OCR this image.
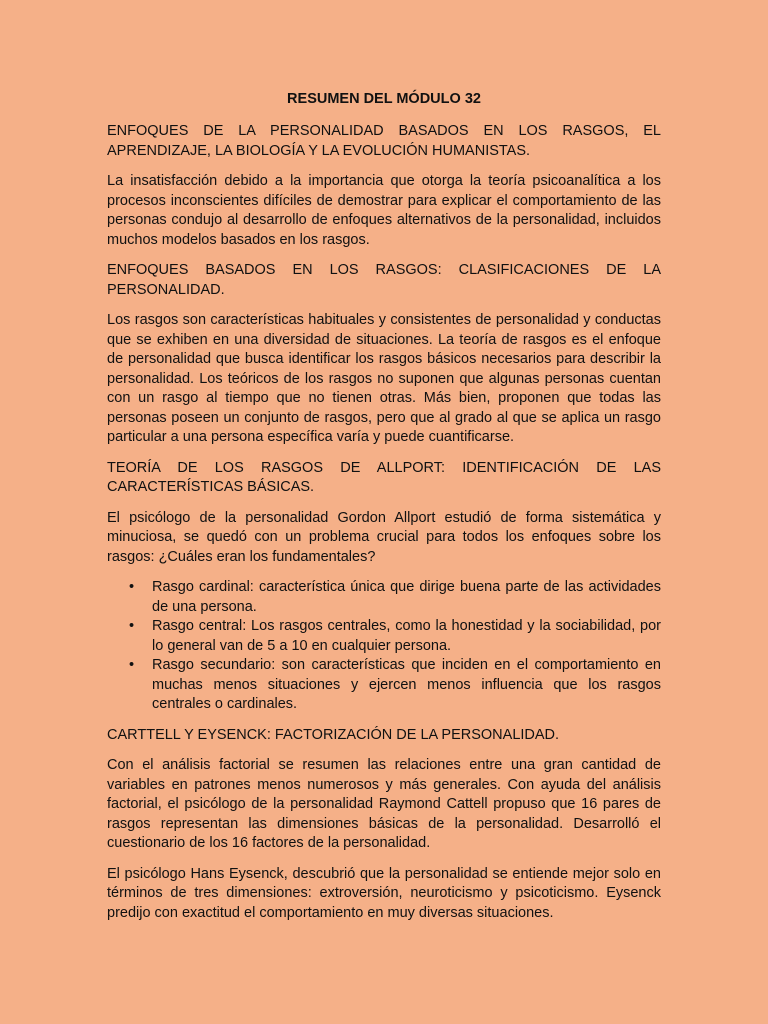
RESUMEN DEL MÓDULO 32
ENFOQUES DE LA PERSONALIDAD BASADOS EN LOS RASGOS, EL APRENDIZAJE, LA BIOLOGÍA Y LA EVOLUCIÓN HUMANISTAS.
La insatisfacción debido a la importancia que otorga la teoría psicoanalítica a los procesos inconscientes difíciles de demostrar para explicar el comportamiento de las personas condujo al desarrollo de enfoques alternativos de la personalidad, incluidos muchos modelos basados en los rasgos.
ENFOQUES BASADOS EN LOS RASGOS: CLASIFICACIONES DE LA PERSONALIDAD.
Los rasgos son características habituales y consistentes de personalidad y conductas que se exhiben en una diversidad de situaciones. La teoría de rasgos es el enfoque de personalidad que busca identificar los rasgos básicos necesarios para describir la personalidad. Los teóricos de los rasgos no suponen que algunas personas cuentan con un rasgo al tiempo que no tienen otras. Más bien, proponen que todas las personas poseen un conjunto de rasgos, pero que al grado al que se aplica un rasgo particular a una persona específica varía y puede cuantificarse.
TEORÍA DE LOS RASGOS DE ALLPORT: IDENTIFICACIÓN DE LAS CARACTERÍSTICAS BÁSICAS.
El psicólogo de la personalidad Gordon Allport estudió de forma sistemática y minuciosa, se quedó con un problema crucial para todos los enfoques sobre los rasgos: ¿Cuáles eran los fundamentales?
• Rasgo cardinal: característica única que dirige buena parte de las actividades de una persona.
• Rasgo central: Los rasgos centrales, como la honestidad y la sociabilidad, por lo general van de 5 a 10 en cualquier persona.
• Rasgo secundario: son características que inciden en el comportamiento en muchas menos situaciones y ejercen menos influencia que los rasgos centrales o cardinales.
CARTTELL Y EYSENCK: FACTORIZACIÓN DE LA PERSONALIDAD.
Con el análisis factorial se resumen las relaciones entre una gran cantidad de variables en patrones menos numerosos y más generales. Con ayuda del análisis factorial, el psicólogo de la personalidad Raymond Cattell propuso que 16 pares de rasgos representan las dimensiones básicas de la personalidad. Desarrolló el cuestionario de los 16 factores de la personalidad.
El psicólogo Hans Eysenck, descubrió que la personalidad se entiende mejor solo en términos de tres dimensiones: extroversión, neuroticismo y psicoticismo. Eysenck predijo con exactitud el comportamiento en muy diversas situaciones.
